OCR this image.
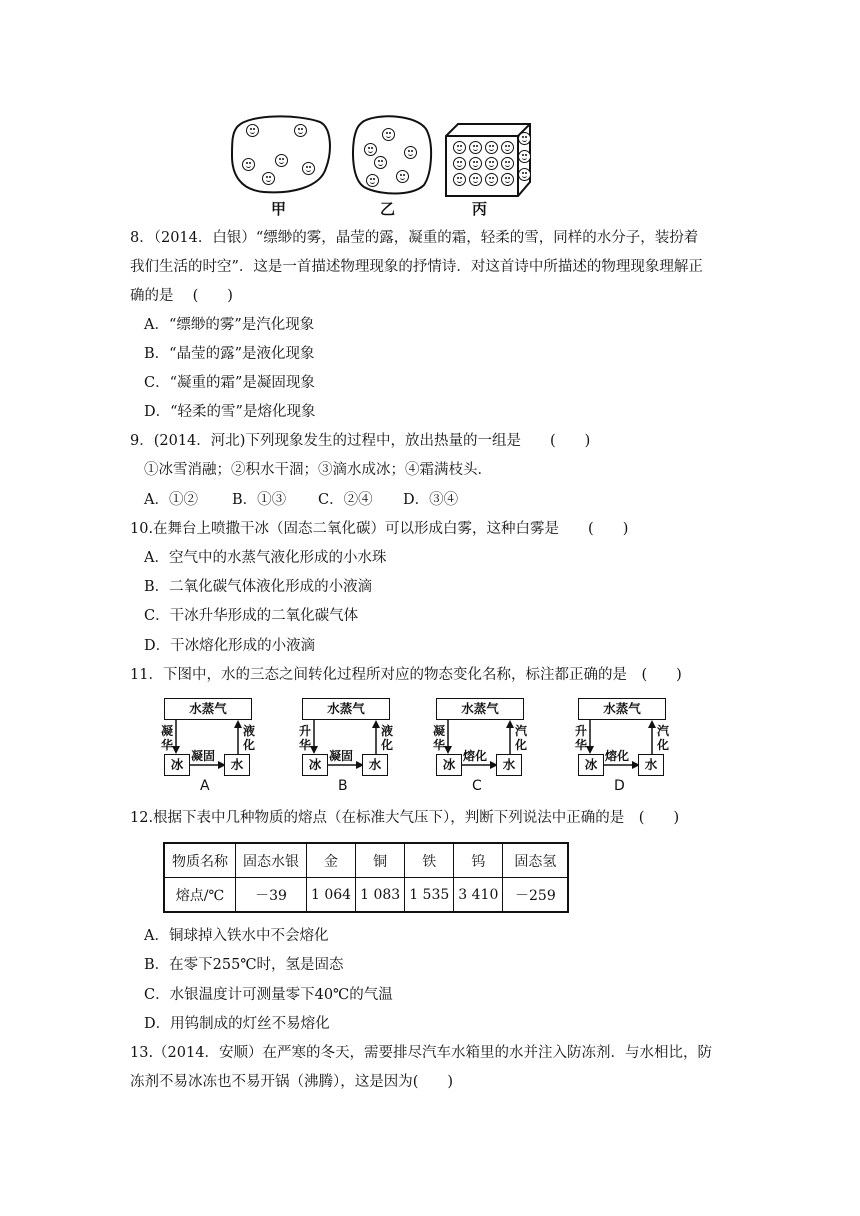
甲	乙	丙
8．（2014．白银）“缥缈的雾，晶莹的露，凝重的霜，轻柔的雪，同样的水分子，装扮着
我们生活的时空”．这是一首描述物理现象的抒情诗．对这首诗中所描述的物理现象理解正
确的是　 (　　)
A．“缥缈的雾”是汽化现象
B．“晶莹的露”是液化现象
C．“凝重的霜”是凝固现象
D．“轻柔的雪”是熔化现象
9．(2014．河北)下列现象发生的过程中，放出热量的一组是　　(　　)
①冰雪消融；②积水干涸；③滴水成冰；④霜满枝头．
A．①② B．①③ C．②④ D．③④
10.在舞台上喷撒干冰（固态二氧化碳）可以形成白雾，这种白雾是　　(　　)
A．空气中的水蒸气液化形成的小水珠
B．二氧化碳气体液化形成的小液滴
C．干冰升华形成的二氧化碳气体
D．干冰熔化形成的小液滴
11．下图中，水的三态之间转化过程所对应的物态变化名称，标注都正确的是　(　　)
水蒸气
冰	水
凝华
液化
凝固
A
水蒸气
冰	水
升华
液化
凝固
B
水蒸气
冰	水
凝华
汽化
熔化
C
水蒸气
冰	水
升华
汽化
熔化
D
12.根据下表中几种物质的熔点（在标准大气压下），判断下列说法中正确的是　(　　)
物质名称	固态水银	金	铜	铁	钨	固态氢
熔点/℃	－39	1 064	1 083	1 535	3 410	－259
A．铜球掉入铁水中不会熔化
B．在零下255℃时，氢是固态
C．水银温度计可测量零下40℃的气温
D．用钨制成的灯丝不易熔化
13.（2014．安顺）在严寒的冬天，需要排尽汽车水箱里的水并注入防冻剂．与水相比，防
冻剂不易冰冻也不易开锅（沸腾），这是因为(　　)
